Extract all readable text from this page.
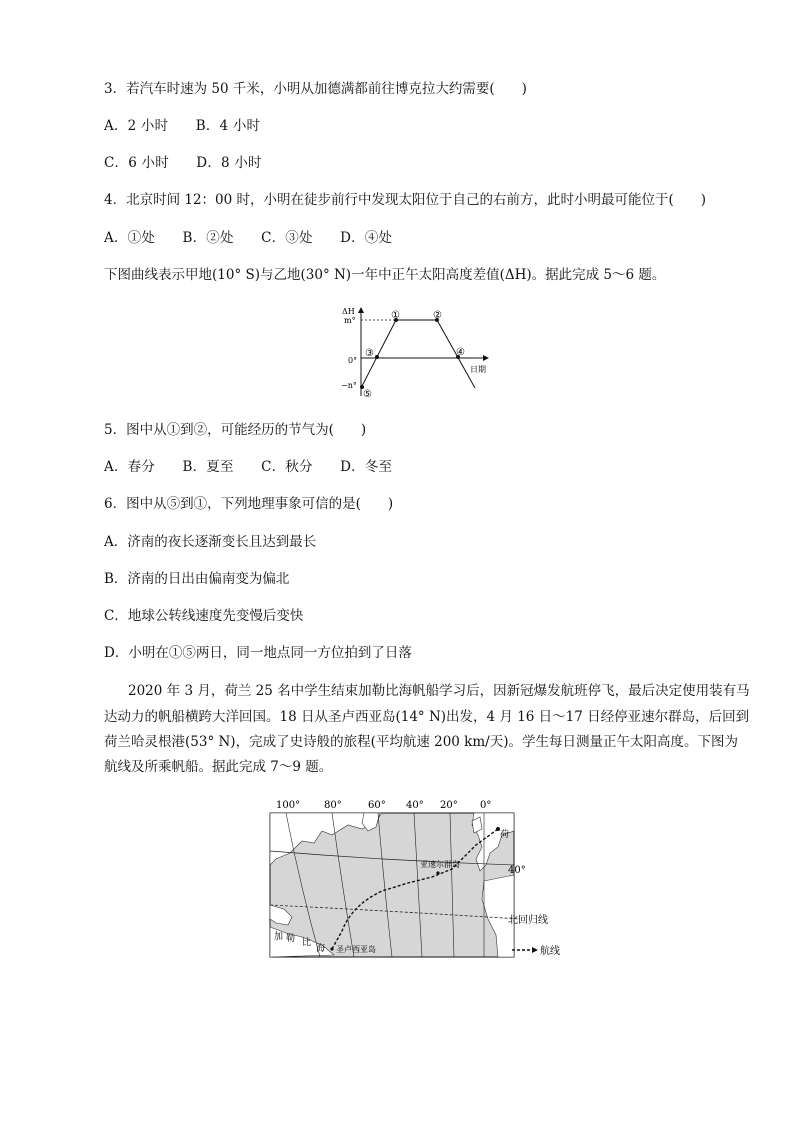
3．若汽车时速为 50 千米，小明从加德满都前往博克拉大约需要(　　)
A．2 小时　　B．4 小时
C．6 小时　　D．8 小时
4．北京时间 12：00 时，小明在徒步前行中发现太阳位于自己的右前方，此时小明最可能位于(　　)
A．①处　　B．②处　　C．③处　　D．④处
下图曲线表示甲地(10° S)与乙地(30° N)一年中正午太阳高度差值(ΔH)。据此完成 5～6 题。
ΔH
m°
0°
−n°
日期
①	②
③	④
⑤
5．图中从①到②，可能经历的节气为(　　)
A．春分　　B．夏至　　C．秋分　　D．冬至
6．图中从⑤到①，下列地理事象可信的是(　　)
A．济南的夜长逐渐变长且达到最长
B．济南的日出由偏南变为偏北
C．地球公转线速度先变慢后变快
D．小明在①⑤两日，同一地点同一方位拍到了日落
2020 年 3 月，荷兰 25 名中学生结束加勒比海帆船学习后，因新冠爆发航班停飞，最后决定使用装有马
达动力的帆船横跨大洋回国。18 日从圣卢西亚岛(14° N)出发，4 月 16 日～17 日经停亚速尔群岛，后回到
荷兰哈灵根港(53° N)，完成了史诗般的旅程(平均航速 200 km/天)。学生每日测量正午太阳高度。下图为
航线及所乘帆船。据此完成 7～9 题。
100° 80°	60° 40° 20° 0°
40°
亚速尔群岛
北回归线
荷
加 勒 比
海 圣卢西亚岛	航线
